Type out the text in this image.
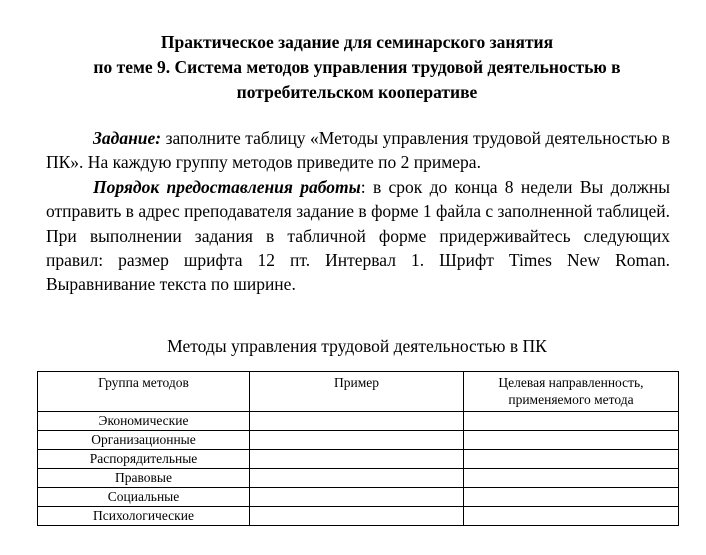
Практическое задание для семинарского занятия
по теме 9. Система методов управления трудовой деятельностью в
потребительском кооперативе
Задание: заполните таблицу «Методы управления трудовой деятельностью в ПК». На каждую группу методов приведите по 2 примера.
Порядок предоставления работы: в срок до конца 8 недели Вы должны отправить в адрес преподавателя задание в форме 1 файла с заполненной таблицей. При выполнении задания в табличной форме придерживайтесь следующих правил: размер шрифта 12 пт. Интервал 1. Шрифт Times New Roman. Выравнивание текста по ширине.
Методы управления трудовой деятельностью в ПК
Группа методов	Пример	Целевая направленность, применяемого метода
Экономические		
Организационные		
Распорядительные		
Правовые		
Социальные		
Психологические		
